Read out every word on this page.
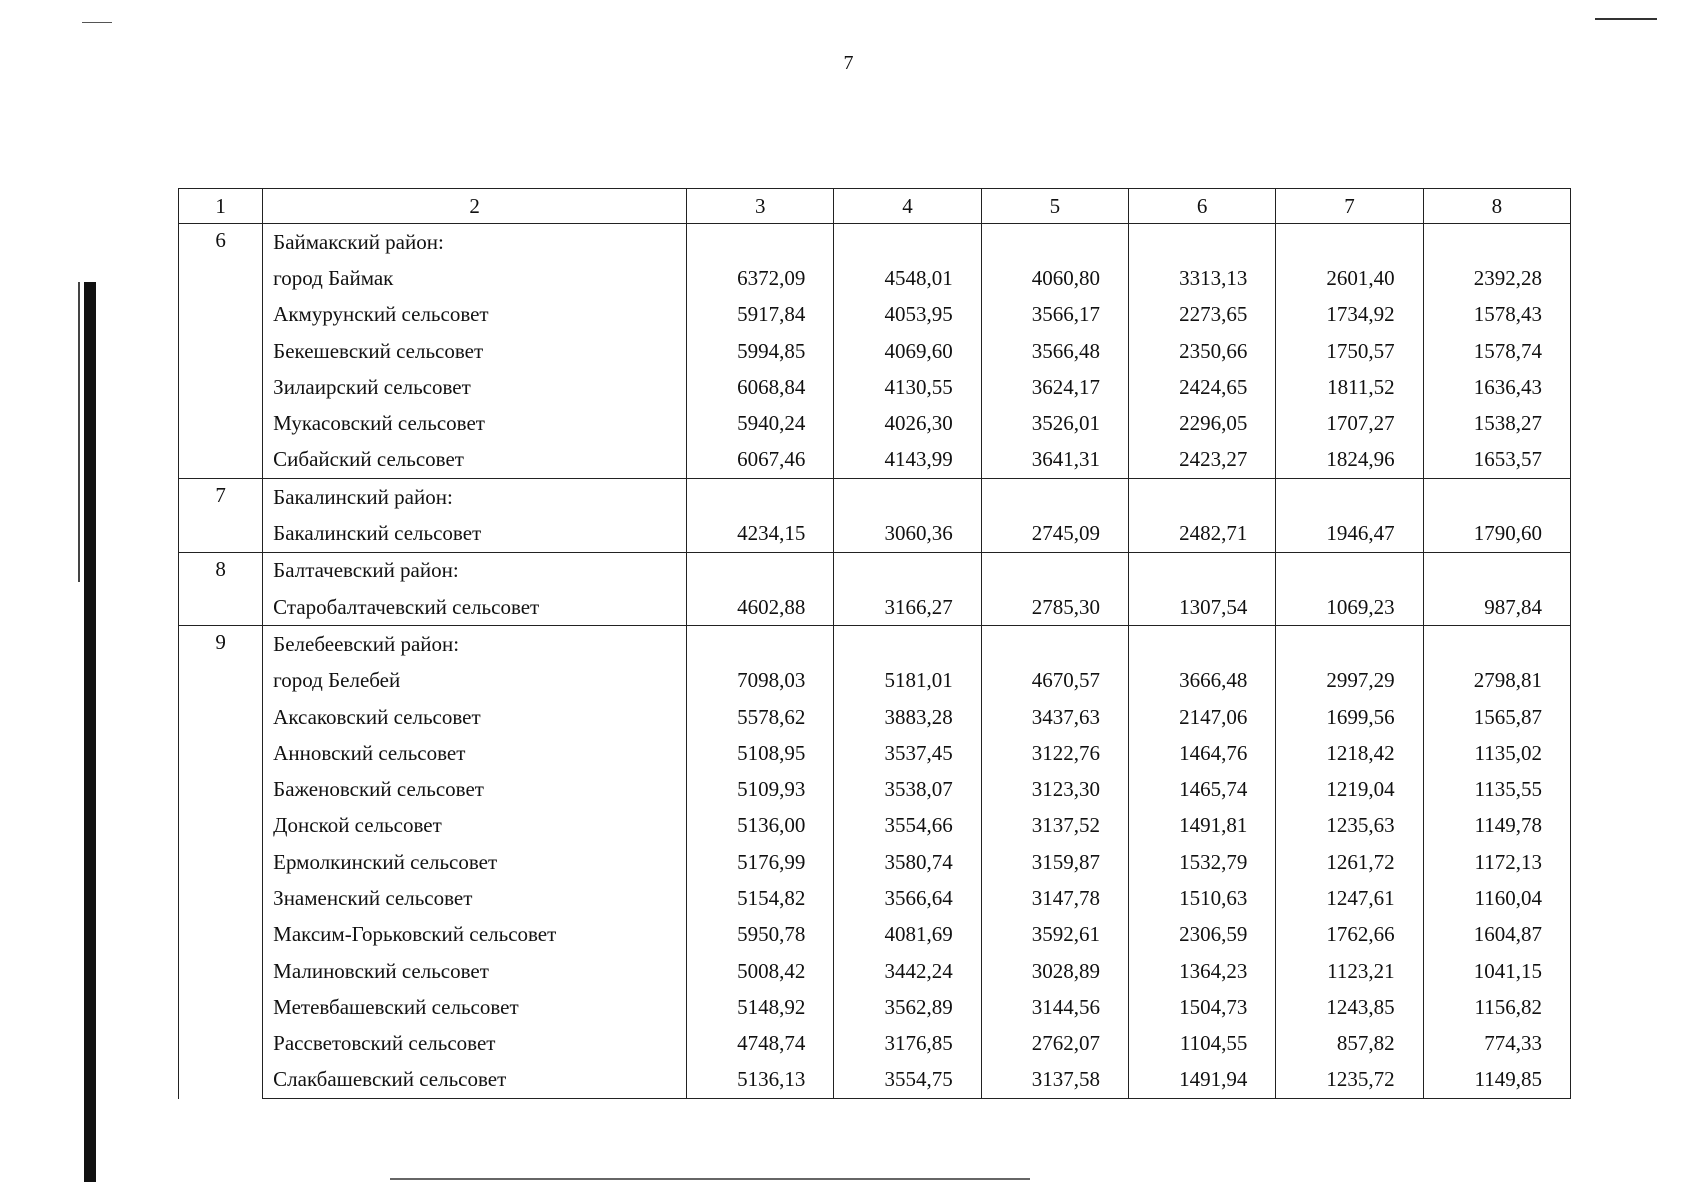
7
1	2	3	4	5	6	7	8
6	Баймакский район:						
	город Баймак	6372,09	4548,01	4060,80	3313,13	2601,40	2392,28
	Акмурунский сельсовет	5917,84	4053,95	3566,17	2273,65	1734,92	1578,43
	Бекешевский сельсовет	5994,85	4069,60	3566,48	2350,66	1750,57	1578,74
	Зилаирский сельсовет	6068,84	4130,55	3624,17	2424,65	1811,52	1636,43
	Мукасовский сельсовет	5940,24	4026,30	3526,01	2296,05	1707,27	1538,27
	Сибайский сельсовет	6067,46	4143,99	3641,31	2423,27	1824,96	1653,57
7	Бакалинский район:						
	Бакалинский сельсовет	4234,15	3060,36	2745,09	2482,71	1946,47	1790,60
8	Балтачевский район:						
	Старобалтачевский сельсовет	4602,88	3166,27	2785,30	1307,54	1069,23	987,84
9	Белебеевский район:						
	город Белебей	7098,03	5181,01	4670,57	3666,48	2997,29	2798,81
	Аксаковский сельсовет	5578,62	3883,28	3437,63	2147,06	1699,56	1565,87
	Анновский сельсовет	5108,95	3537,45	3122,76	1464,76	1218,42	1135,02
	Баженовский сельсовет	5109,93	3538,07	3123,30	1465,74	1219,04	1135,55
	Донской сельсовет	5136,00	3554,66	3137,52	1491,81	1235,63	1149,78
	Ермолкинский сельсовет	5176,99	3580,74	3159,87	1532,79	1261,72	1172,13
	Знаменский сельсовет	5154,82	3566,64	3147,78	1510,63	1247,61	1160,04
	Максим-Горьковский сельсовет	5950,78	4081,69	3592,61	2306,59	1762,66	1604,87
	Малиновский сельсовет	5008,42	3442,24	3028,89	1364,23	1123,21	1041,15
	Метевбашевский сельсовет	5148,92	3562,89	3144,56	1504,73	1243,85	1156,82
	Рассветовский сельсовет	4748,74	3176,85	2762,07	1104,55	857,82	774,33
	Слакбашевский сельсовет	5136,13	3554,75	3137,58	1491,94	1235,72	1149,85
